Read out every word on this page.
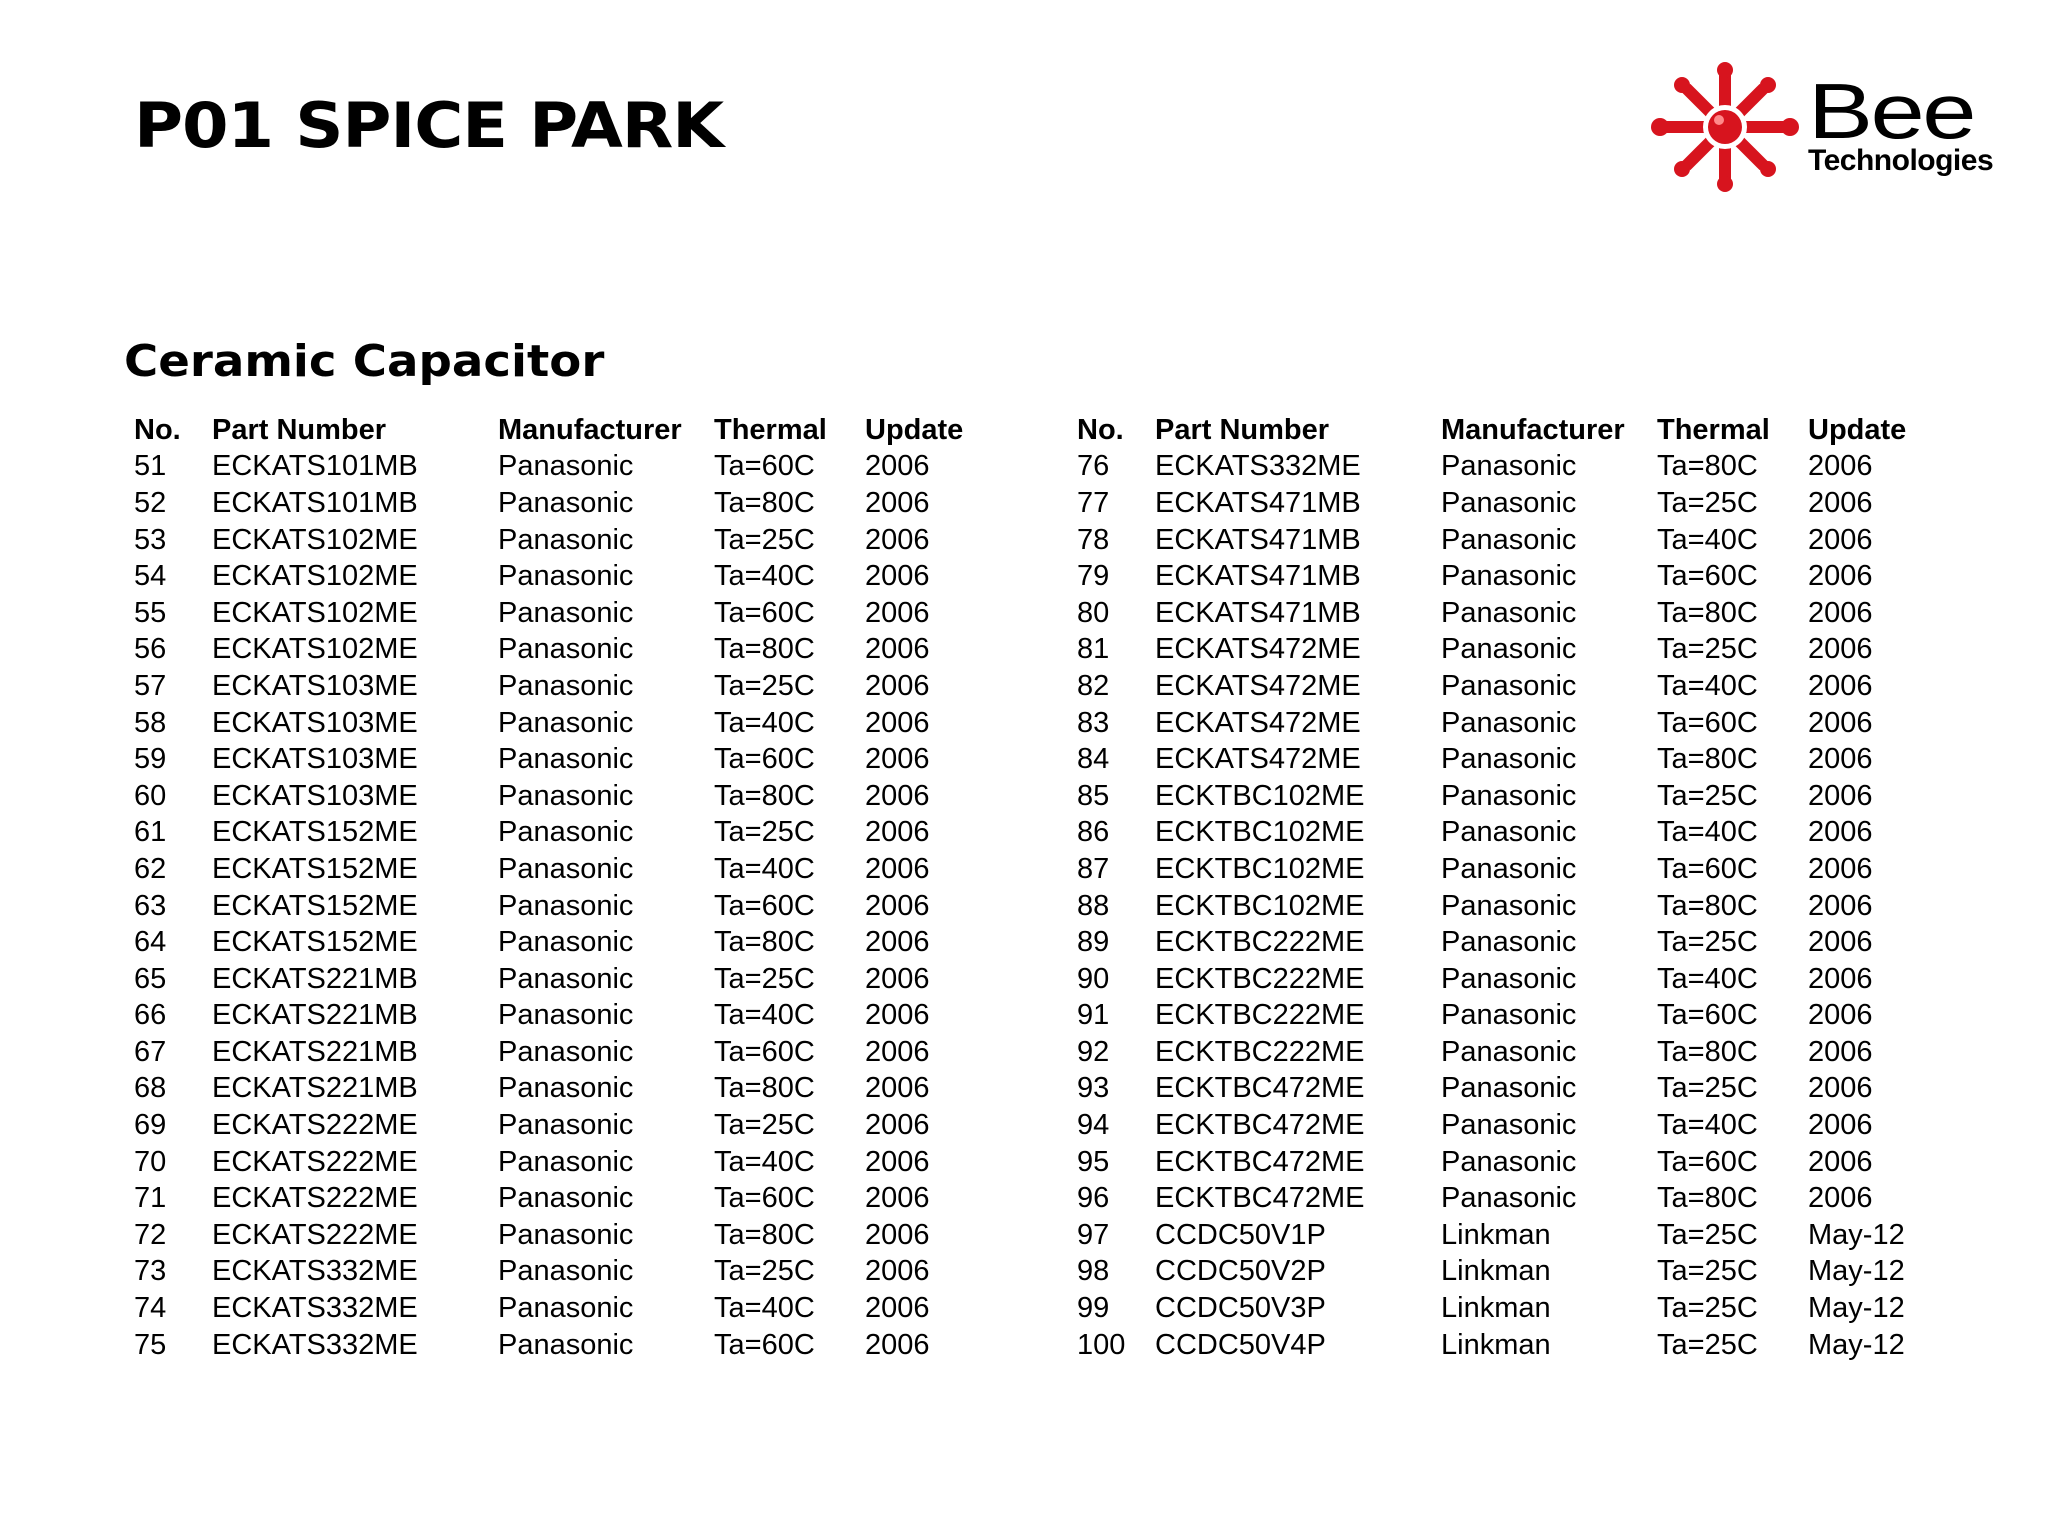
P01 SPICE PARK	Bee
Technologies
Ceramic Capacitor
No.	Part Number	Manufacturer	Thermal	Update
51	ECKATS101MB	Panasonic	Ta=60C	2006
52	ECKATS101MB	Panasonic	Ta=80C	2006
53	ECKATS102ME	Panasonic	Ta=25C	2006
54	ECKATS102ME	Panasonic	Ta=40C	2006
55	ECKATS102ME	Panasonic	Ta=60C	2006
56	ECKATS102ME	Panasonic	Ta=80C	2006
57	ECKATS103ME	Panasonic	Ta=25C	2006
58	ECKATS103ME	Panasonic	Ta=40C	2006
59	ECKATS103ME	Panasonic	Ta=60C	2006
60	ECKATS103ME	Panasonic	Ta=80C	2006
61	ECKATS152ME	Panasonic	Ta=25C	2006
62	ECKATS152ME	Panasonic	Ta=40C	2006
63	ECKATS152ME	Panasonic	Ta=60C	2006
64	ECKATS152ME	Panasonic	Ta=80C	2006
65	ECKATS221MB	Panasonic	Ta=25C	2006
66	ECKATS221MB	Panasonic	Ta=40C	2006
67	ECKATS221MB	Panasonic	Ta=60C	2006
68	ECKATS221MB	Panasonic	Ta=80C	2006
69	ECKATS222ME	Panasonic	Ta=25C	2006
70	ECKATS222ME	Panasonic	Ta=40C	2006
71	ECKATS222ME	Panasonic	Ta=60C	2006
72	ECKATS222ME	Panasonic	Ta=80C	2006
73	ECKATS332ME	Panasonic	Ta=25C	2006
74	ECKATS332ME	Panasonic	Ta=40C	2006
75	ECKATS332ME	Panasonic	Ta=60C	2006
No.	Part Number	Manufacturer	Thermal	Update
76	ECKATS332ME	Panasonic	Ta=80C	2006
77	ECKATS471MB	Panasonic	Ta=25C	2006
78	ECKATS471MB	Panasonic	Ta=40C	2006
79	ECKATS471MB	Panasonic	Ta=60C	2006
80	ECKATS471MB	Panasonic	Ta=80C	2006
81	ECKATS472ME	Panasonic	Ta=25C	2006
82	ECKATS472ME	Panasonic	Ta=40C	2006
83	ECKATS472ME	Panasonic	Ta=60C	2006
84	ECKATS472ME	Panasonic	Ta=80C	2006
85	ECKTBC102ME	Panasonic	Ta=25C	2006
86	ECKTBC102ME	Panasonic	Ta=40C	2006
87	ECKTBC102ME	Panasonic	Ta=60C	2006
88	ECKTBC102ME	Panasonic	Ta=80C	2006
89	ECKTBC222ME	Panasonic	Ta=25C	2006
90	ECKTBC222ME	Panasonic	Ta=40C	2006
91	ECKTBC222ME	Panasonic	Ta=60C	2006
92	ECKTBC222ME	Panasonic	Ta=80C	2006
93	ECKTBC472ME	Panasonic	Ta=25C	2006
94	ECKTBC472ME	Panasonic	Ta=40C	2006
95	ECKTBC472ME	Panasonic	Ta=60C	2006
96	ECKTBC472ME	Panasonic	Ta=80C	2006
97	CCDC50V1P	Linkman	Ta=25C	May-12
98	CCDC50V2P	Linkman	Ta=25C	May-12
99	CCDC50V3P	Linkman	Ta=25C	May-12
100	CCDC50V4P	Linkman	Ta=25C	May-12
